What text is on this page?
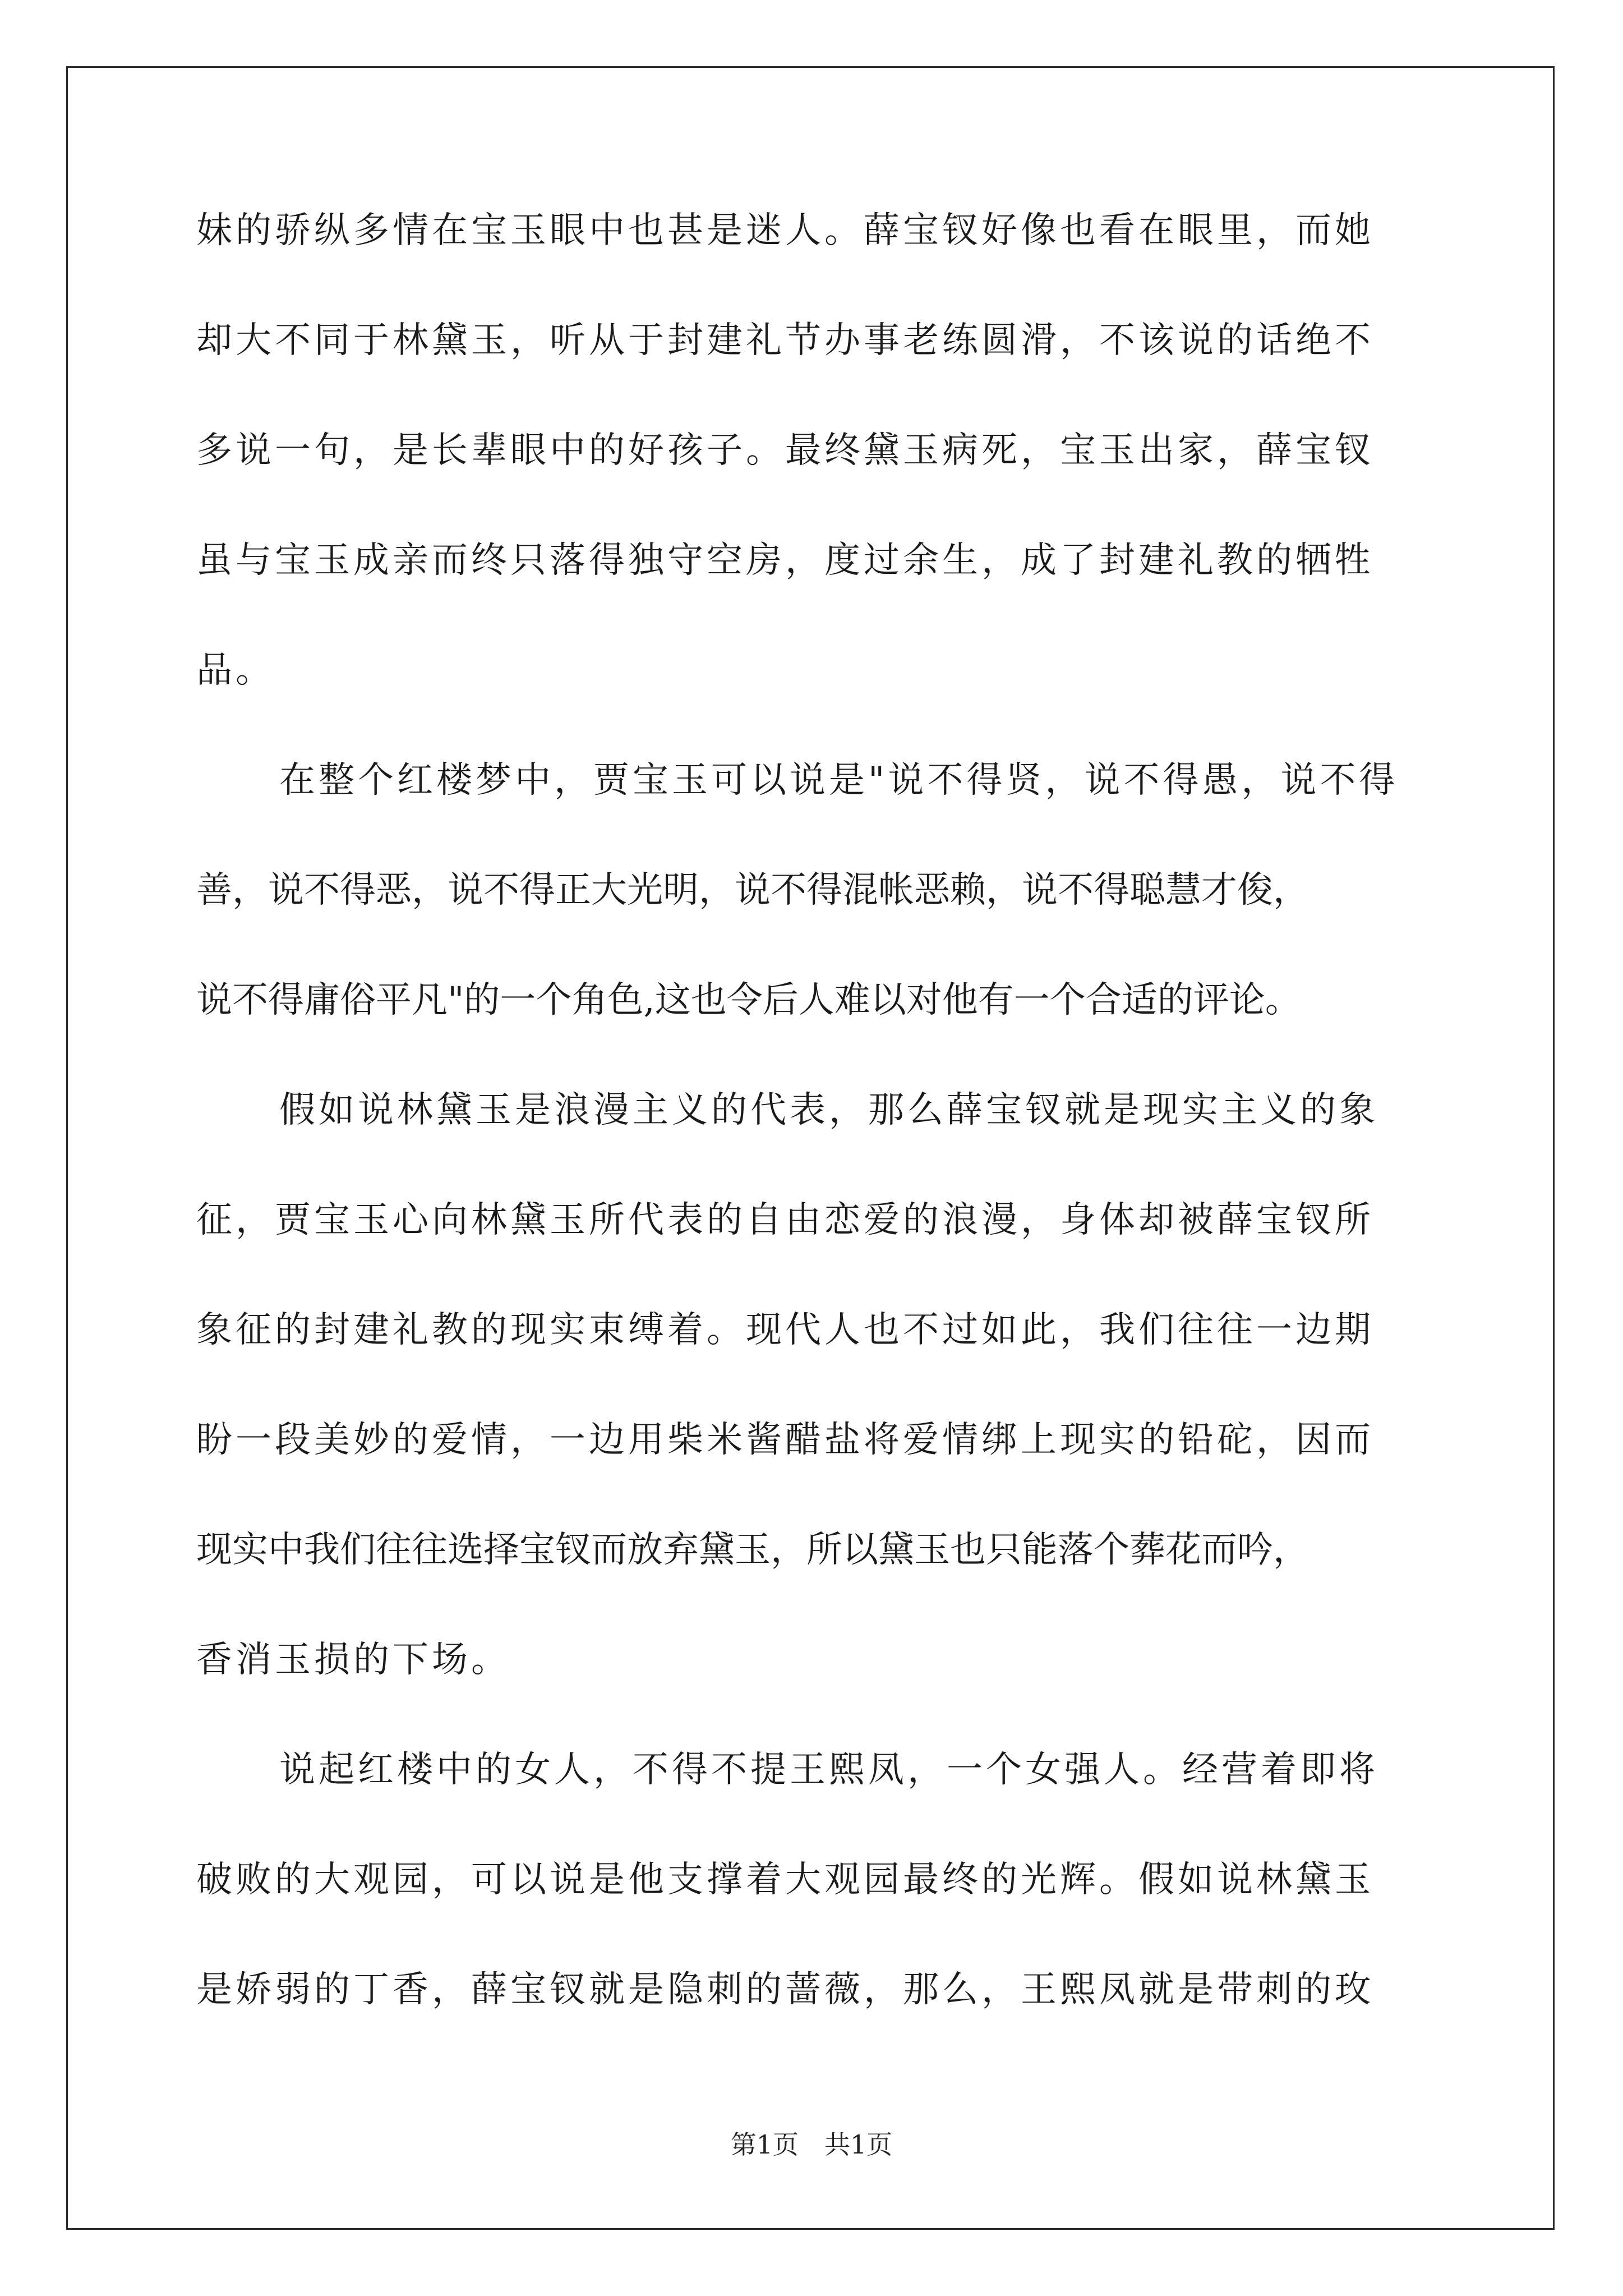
妹的骄纵多情在宝玉眼中也甚是迷人。薛宝钗好像也看在眼里，而她
却大不同于林黛玉，听从于封建礼节办事老练圆滑，不该说的话绝不
多说一句，是长辈眼中的好孩子。最终黛玉病死，宝玉出家，薛宝钗
虽与宝玉成亲而终只落得独守空房，度过余生，成了封建礼教的牺牲
品。
在整个红楼梦中，贾宝玉可以说是"说不得贤，说不得愚，说不得
善，说不得恶，说不得正大光明，说不得混帐恶赖，说不得聪慧才俊，
说不得庸俗平凡"的一个角色,这也令后人难以对他有一个合适的评论。
假如说林黛玉是浪漫主义的代表，那么薛宝钗就是现实主义的象
征，贾宝玉心向林黛玉所代表的自由恋爱的浪漫，身体却被薛宝钗所
象征的封建礼教的现实束缚着。现代人也不过如此，我们往往一边期
盼一段美妙的爱情，一边用柴米酱醋盐将爱情绑上现实的铅砣，因而
现实中我们往往选择宝钗而放弃黛玉，所以黛玉也只能落个葬花而吟，
香消玉损的下场。
说起红楼中的女人，不得不提王熙凤，一个女强人。经营着即将
破败的大观园，可以说是他支撑着大观园最终的光辉。假如说林黛玉
是娇弱的丁香，薛宝钗就是隐刺的蔷薇，那么，王熙凤就是带刺的玫
第1页　共1页
